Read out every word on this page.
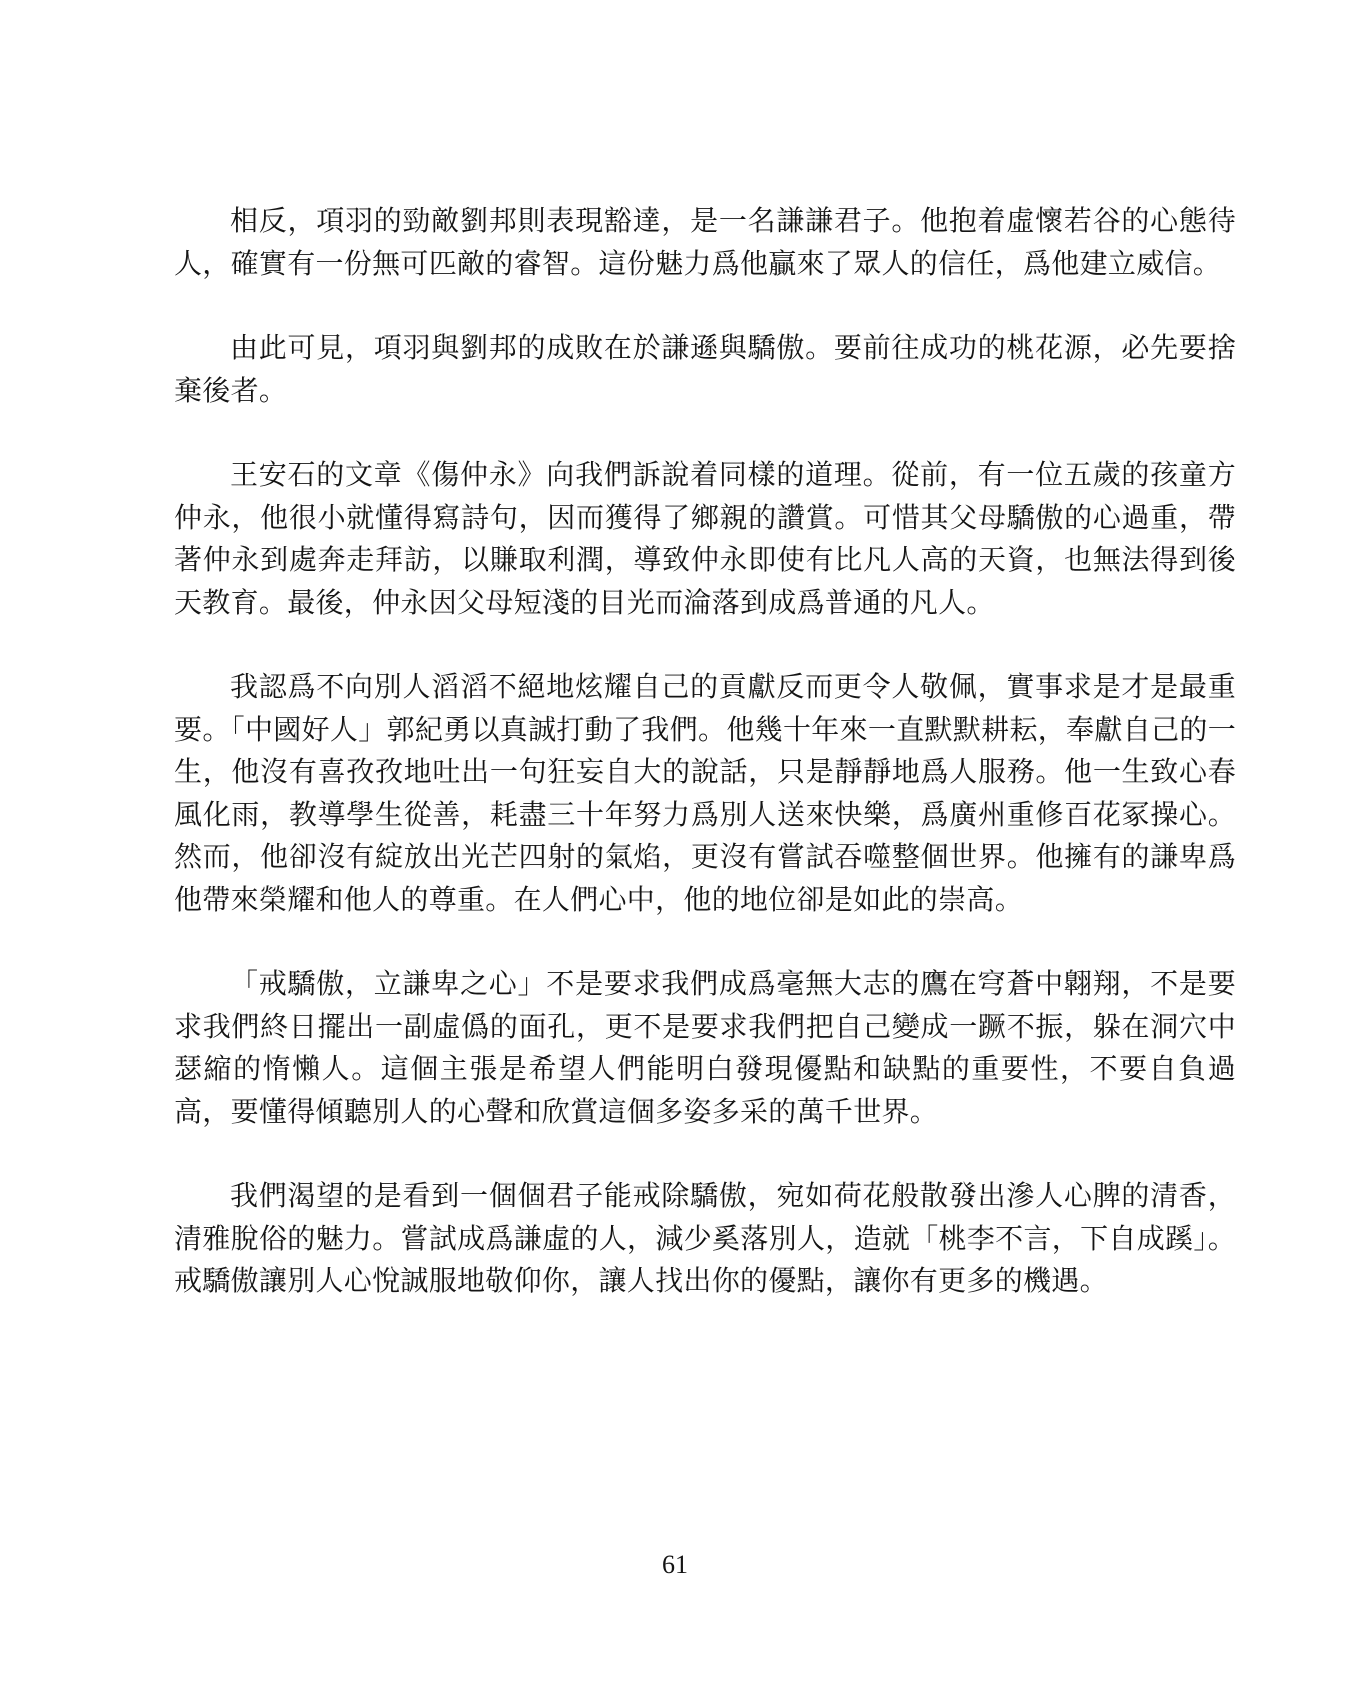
相反，項羽的勁敵劉邦則表現豁達，是一名謙謙君子。他抱着虛懷若谷的心態待人，確實有一份無可匹敵的睿智。這份魅力爲他贏來了眾人的信任，爲他建立威信。

由此可見，項羽與劉邦的成敗在於謙遜與驕傲。要前往成功的桃花源，必先要捨棄後者。

王安石的文章《傷仲永》向我們訴說着同樣的道理。從前，有一位五歲的孩童方仲永，他很小就懂得寫詩句，因而獲得了鄉親的讚賞。可惜其父母驕傲的心過重，帶著仲永到處奔走拜訪，以賺取利潤，導致仲永即使有比凡人高的天資，也無法得到後天教育。最後，仲永因父母短淺的目光而淪落到成爲普通的凡人。

我認爲不向別人滔滔不絕地炫耀自己的貢獻反而更令人敬佩，實事求是才是最重要。「中國好人」郭紀勇以真誠打動了我們。他幾十年來一直默默耕耘，奉獻自己的一生，他沒有喜孜孜地吐出一句狂妄自大的說話，只是靜靜地爲人服務。他一生致心春風化雨，教導學生從善，耗盡三十年努力爲別人送來快樂，爲廣州重修百花冢操心。然而，他卻沒有綻放出光芒四射的氣焰，更沒有嘗試吞噬整個世界。他擁有的謙卑爲他帶來榮耀和他人的尊重。在人們心中，他的地位卻是如此的崇高。

「戒驕傲，立謙卑之心」不是要求我們成爲毫無大志的鷹在穹蒼中翺翔，不是要求我們終日擺出一副虛僞的面孔，更不是要求我們把自己變成一蹶不振，躲在洞穴中瑟縮的惰懶人。這個主張是希望人們能明白發現優點和缺點的重要性，不要自負過高，要懂得傾聽別人的心聲和欣賞這個多姿多采的萬千世界。

我們渴望的是看到一個個君子能戒除驕傲，宛如荷花般散發出滲人心脾的清香，清雅脫俗的魅力。嘗試成爲謙虛的人，減少奚落別人，造就「桃李不言，下自成蹊」。戒驕傲讓別人心悅誠服地敬仰你，讓人找出你的優點，讓你有更多的機遇。

61
